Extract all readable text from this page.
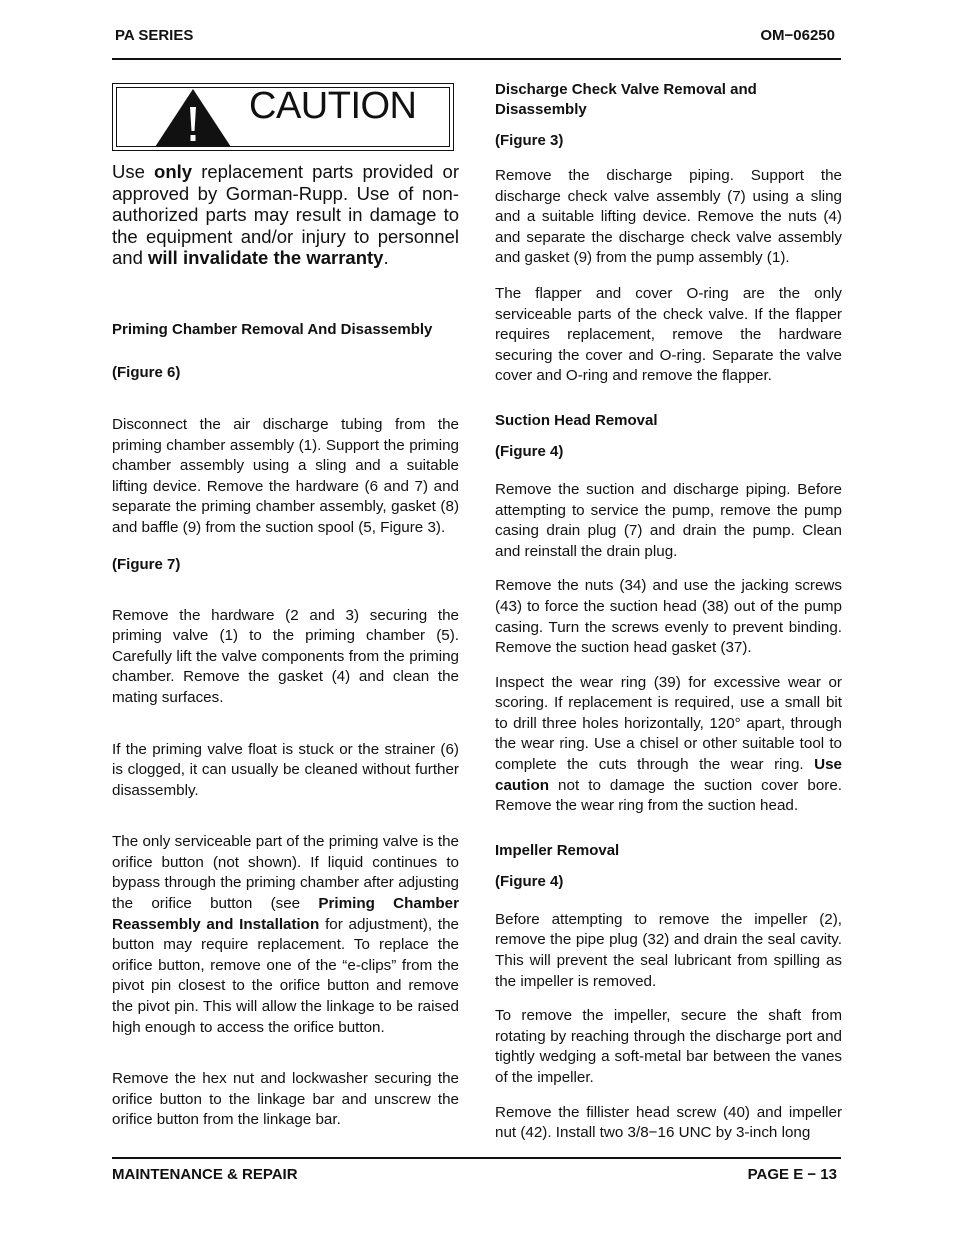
PA SERIES	OM−06250
CAUTION

Use only replacement parts provided or approved by Gorman-Rupp. Use of non-authorized parts may result in damage to the equipment and/or injury to personnel and will invalidate the warranty.

Priming Chamber Removal And Disassembly
(Figure 6)

Disconnect the air discharge tubing from the priming chamber assembly (1). Support the priming chamber assembly using a sling and a suitable lifting device. Remove the hardware (6 and 7) and separate the priming chamber assembly, gasket (8) and baffle (9) from the suction spool (5, Figure 3).

(Figure 7)

Remove the hardware (2 and 3) securing the priming valve (1) to the priming chamber (5). Carefully lift the valve components from the priming chamber. Remove the gasket (4) and clean the mating surfaces.

If the priming valve float is stuck or the strainer (6) is clogged, it can usually be cleaned without further disassembly.

The only serviceable part of the priming valve is the orifice button (not shown). If liquid continues to bypass through the priming chamber after adjusting the orifice button (see Priming Chamber Reassembly and Installation for adjustment), the button may require replacement. To replace the orifice button, remove one of the “e-clips” from the pivot pin closest to the orifice button and remove the pivot pin. This will allow the linkage to be raised high enough to access the orifice button.

Remove the hex nut and lockwasher securing the orifice button to the linkage bar and unscrew the orifice button from the linkage bar.

Discharge Check Valve Removal and Disassembly
(Figure 3)

Remove the discharge piping. Support the discharge check valve assembly (7) using a sling and a suitable lifting device. Remove the nuts (4) and separate the discharge check valve assembly and gasket (9) from the pump assembly (1).

The flapper and cover O-ring are the only serviceable parts of the check valve. If the flapper requires replacement, remove the hardware securing the cover and O-ring. Separate the valve cover and O-ring and remove the flapper.

Suction Head Removal
(Figure 4)

Remove the suction and discharge piping. Before attempting to service the pump, remove the pump casing drain plug (7) and drain the pump. Clean and reinstall the drain plug.

Remove the nuts (34) and use the jacking screws (43) to force the suction head (38) out of the pump casing. Turn the screws evenly to prevent binding. Remove the suction head gasket (37).

Inspect the wear ring (39) for excessive wear or scoring. If replacement is required, use a small bit to drill three holes horizontally, 120° apart, through the wear ring. Use a chisel or other suitable tool to complete the cuts through the wear ring. Use caution not to damage the suction cover bore. Remove the wear ring from the suction head.

Impeller Removal
(Figure 4)

Before attempting to remove the impeller (2), remove the pipe plug (32) and drain the seal cavity. This will prevent the seal lubricant from spilling as the impeller is removed.

To remove the impeller, secure the shaft from rotating by reaching through the discharge port and tightly wedging a soft-metal bar between the vanes of the impeller.

Remove the fillister head screw (40) and impeller nut (42). Install two 3/8−16 UNC by 3-inch long

MAINTENANCE & REPAIR	PAGE E − 13
